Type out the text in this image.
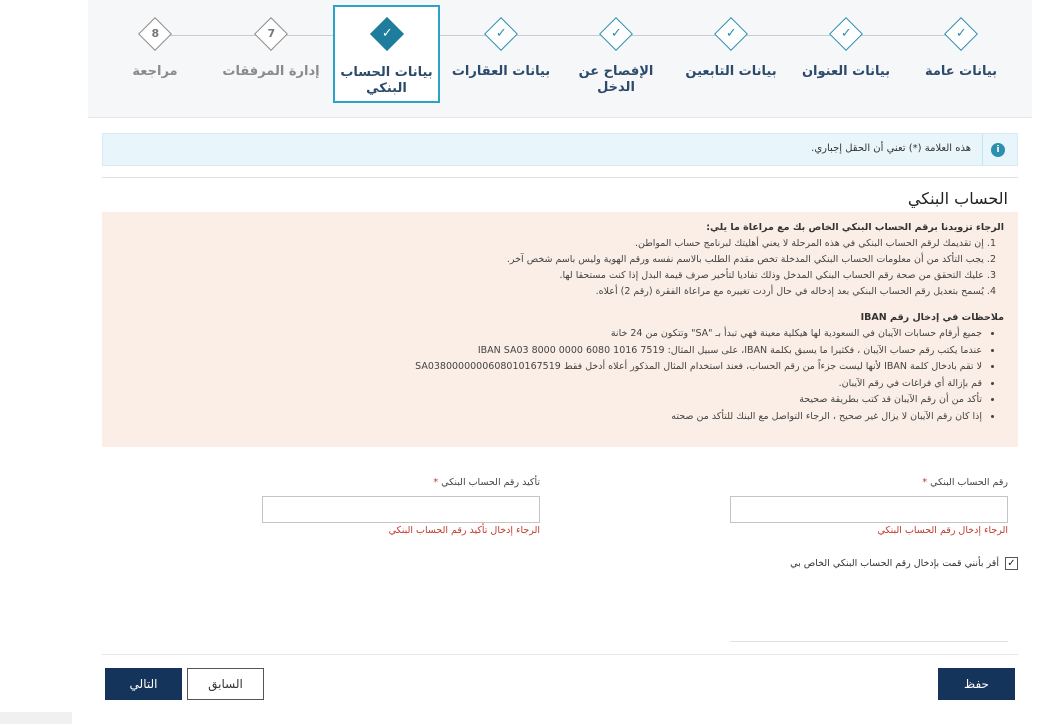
✓
بيانات عامة
✓
بيانات العنوان
✓
بيانات التابعين
✓
الإفصاح عن الدخل
✓
بيانات العقارات
✓
بيانات الحساب البنكي
7
إدارة المرفقات
8
مراجعة
i
هذه العلامة (*) تعني أن الحقل إجباري.
الحساب البنكي
الرجاء تزويدنا برقم الحساب البنكي الخاص بك مع مراعاة ما يلي:
1. إن تقديمك لرقم الحساب البنكي في هذه المرحلة لا يعني أهليتك لبرنامج حساب المواطن.
2. يجب التأكد من أن معلومات الحساب البنكي المدخلة تخص مقدم الطلب بالاسم نفسه ورقم الهوية وليس باسم شخص آخر.
3. عليك التحقق من صحة رقم الحساب البنكي المدخل وذلك تفاديا لتأخير صرف قيمة البدل إذا كنت مستحقا لها.
4. يُسمح بتعديل رقم الحساب البنكي بعد إدخاله في حال أردت تغييره مع مراعاة الفقرة (رقم 2) أعلاه.
ملاحظات في إدخال رقم IBAN
• جميع أرقام حسابات الآيبان في السعودية لها هيكلية معينة فهي تبدأ بـ "SA" وتتكون من 24 خانة
• عندما يكتب رقم حساب الآيبان ، فكثيرا ما يسبق بكلمة IBAN، على سبيل المثال: IBAN SA03 8000 0000 6080 1016 7519
• لا تقم بادخال كلمة IBAN لأنها ليست جزءاً من رقم الحساب، فعند استخدام المثال المذكور أعلاه أدخل فقط SA0380000000608010167519
• قم بإزالة أي فراغات في رقم الآيبان.
• تأكد من أن رقم الآيبان قد كتب بطريقة صحيحة
• إذا كان رقم الآيبان لا يزال غير صحيح ، الرجاء التواصل مع البنك للتأكد من صحته
رقم الحساب البنكي *
الرجاء إدخال رقم الحساب البنكي
تأكيد رقم الحساب البنكي *
الرجاء إدخال تأكيد رقم الحساب البنكي
✓
أقر بأنني قمت بإدخال رقم الحساب البنكي الخاص بي
حفظ
السابق
التالي
